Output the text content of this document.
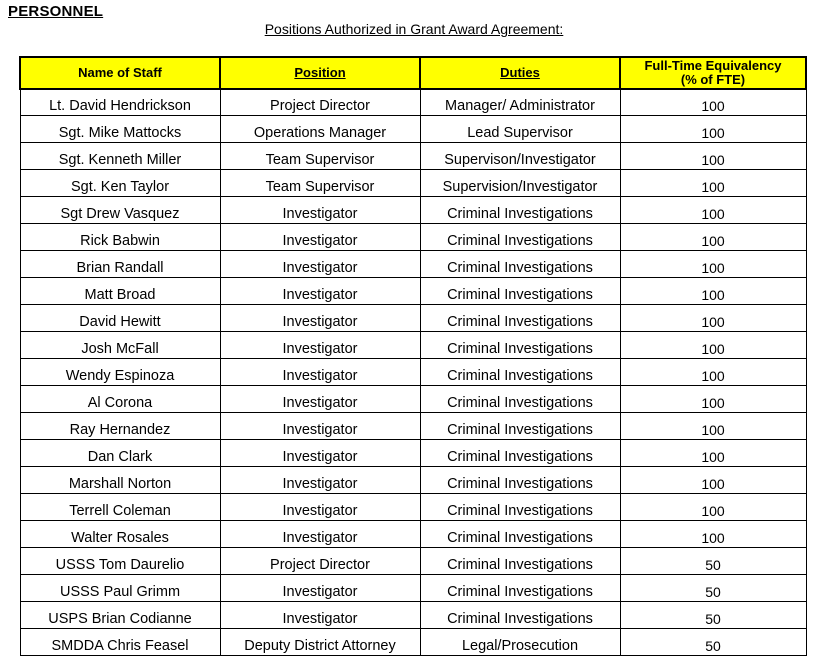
PERSONNEL
Positions Authorized in Grant Award Agreement:
Name of Staff	Position	Duties	Full-Time Equivalency
(% of FTE)
Lt. David Hendrickson	Project Director	Manager/ Administrator	100
Sgt. Mike Mattocks	Operations Manager	Lead Supervisor	100
Sgt. Kenneth Miller	Team Supervisor	Supervison/Investigator	100
Sgt. Ken Taylor	Team Supervisor	Supervision/Investigator	100
Sgt Drew Vasquez	Investigator	Criminal Investigations	100
Rick Babwin	Investigator	Criminal Investigations	100
Brian Randall	Investigator	Criminal Investigations	100
Matt Broad	Investigator	Criminal Investigations	100
David Hewitt	Investigator	Criminal Investigations	100
Josh McFall	Investigator	Criminal Investigations	100
Wendy Espinoza	Investigator	Criminal Investigations	100
Al Corona	Investigator	Criminal Investigations	100
Ray Hernandez	Investigator	Criminal Investigations	100
Dan Clark	Investigator	Criminal Investigations	100
Marshall Norton	Investigator	Criminal Investigations	100
Terrell Coleman	Investigator	Criminal Investigations	100
Walter Rosales	Investigator	Criminal Investigations	100
USSS Tom Daurelio	Project Director	Criminal Investigations	50
USSS Paul Grimm	Investigator	Criminal Investigations	50
USPS Brian Codianne	Investigator	Criminal Investigations	50
SMDDA Chris Feasel	Deputy District Attorney	Legal/Prosecution	50
